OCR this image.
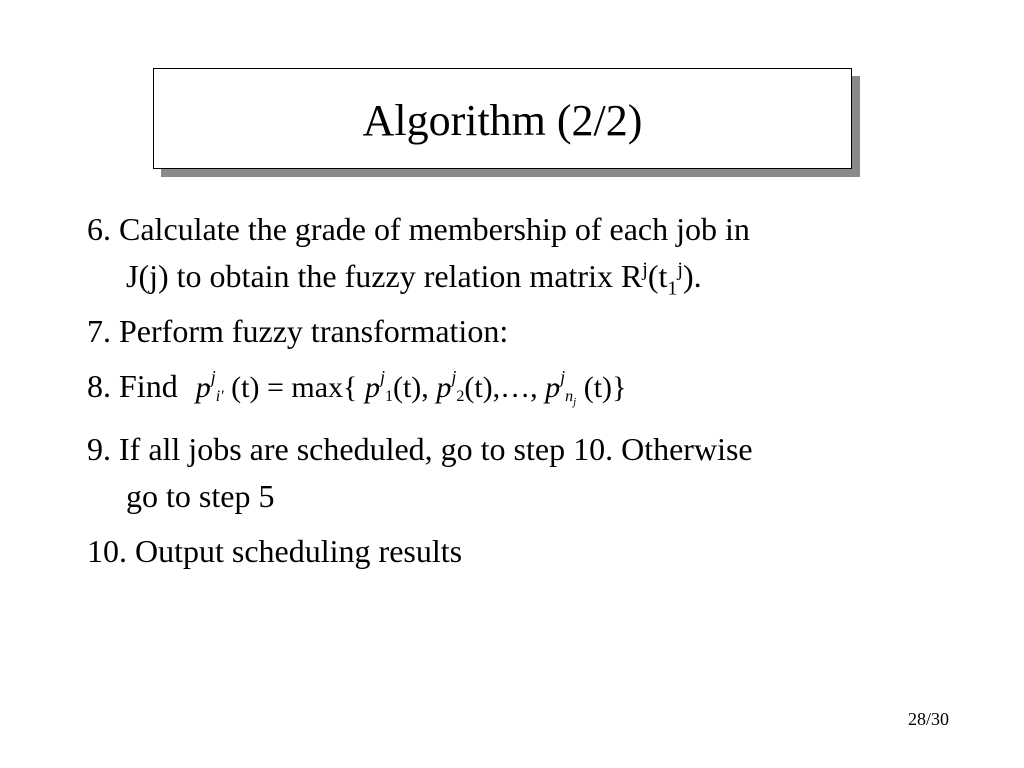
Algorithm (2/2)
6. Calculate the grade of membership of each job in
J(j) to obtain the fuzzy relation matrix $R^j(t_1^j)$.
7. Perform fuzzy transformation:
8. Find $p^ji'$ (t) = max{ $p^j1(t)$, $p^j2(t),\dots$, $p^jn_j$ (t)}
9. If all jobs are scheduled, go to step 10. Otherwise
go to step 5
10. Output scheduling results
28/30
